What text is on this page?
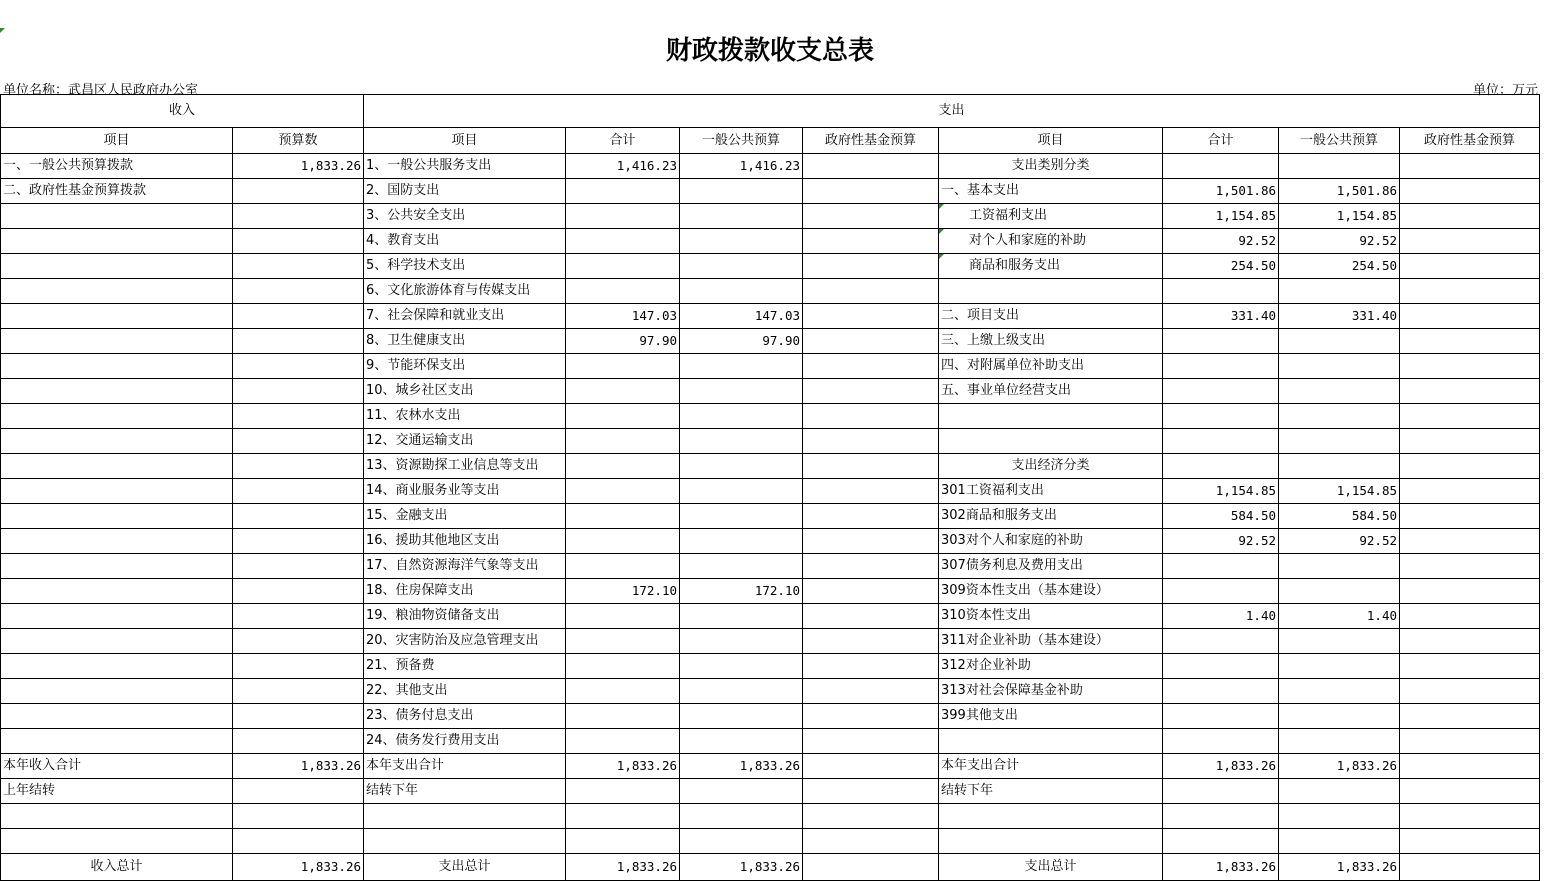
财政拨款收支总表
单位名称：武昌区人民政府办公室	单位：万元
收入		支出							
项目	预算数	项目	合计	一般公共预算	政府性基金预算	项目	合计	一般公共预算	政府性基金预算
一、一般公共预算拨款	1,833.26	1、一般公共服务支出	1,416.23	1,416.23		支出类别分类			
二、政府性基金预算拨款		2、国防支出				一、基本支出	1,501.86	1,501.86	
		3、公共安全支出				工资福利支出	1,154.85	1,154.85	
		4、教育支出				对个人和家庭的补助	92.52	92.52	
		5、科学技术支出				商品和服务支出	254.50	254.50	
		6、文化旅游体育与传媒支出							
		7、社会保障和就业支出	147.03	147.03		二、项目支出	331.40	331.40	
		8、卫生健康支出	97.90	97.90		三、上缴上级支出			
		9、节能环保支出				四、对附属单位补助支出			
		10、城乡社区支出				五、事业单位经营支出			
		11、农林水支出							
		12、交通运输支出							
		13、资源勘探工业信息等支出				支出经济分类			
		14、商业服务业等支出				301工资福利支出	1,154.85	1,154.85	
		15、金融支出				302商品和服务支出	584.50	584.50	
		16、援助其他地区支出				303对个人和家庭的补助	92.52	92.52	
		17、自然资源海洋气象等支出				307债务利息及费用支出			
		18、住房保障支出	172.10	172.10		309资本性支出（基本建设）			
		19、粮油物资储备支出				310资本性支出	1.40	1.40	
		20、灾害防治及应急管理支出				311对企业补助（基本建设）			
		21、预备费				312对企业补助			
		22、其他支出				313对社会保障基金补助			
		23、债务付息支出				399其他支出			
		24、债务发行费用支出							
本年收入合计	1,833.26	本年支出合计	1,833.26	1,833.26		本年支出合计	1,833.26	1,833.26	
上年结转		结转下年				结转下年			

收入总计	1,833.26	支出总计	1,833.26	1,833.26		支出总计	1,833.26	1,833.26	
